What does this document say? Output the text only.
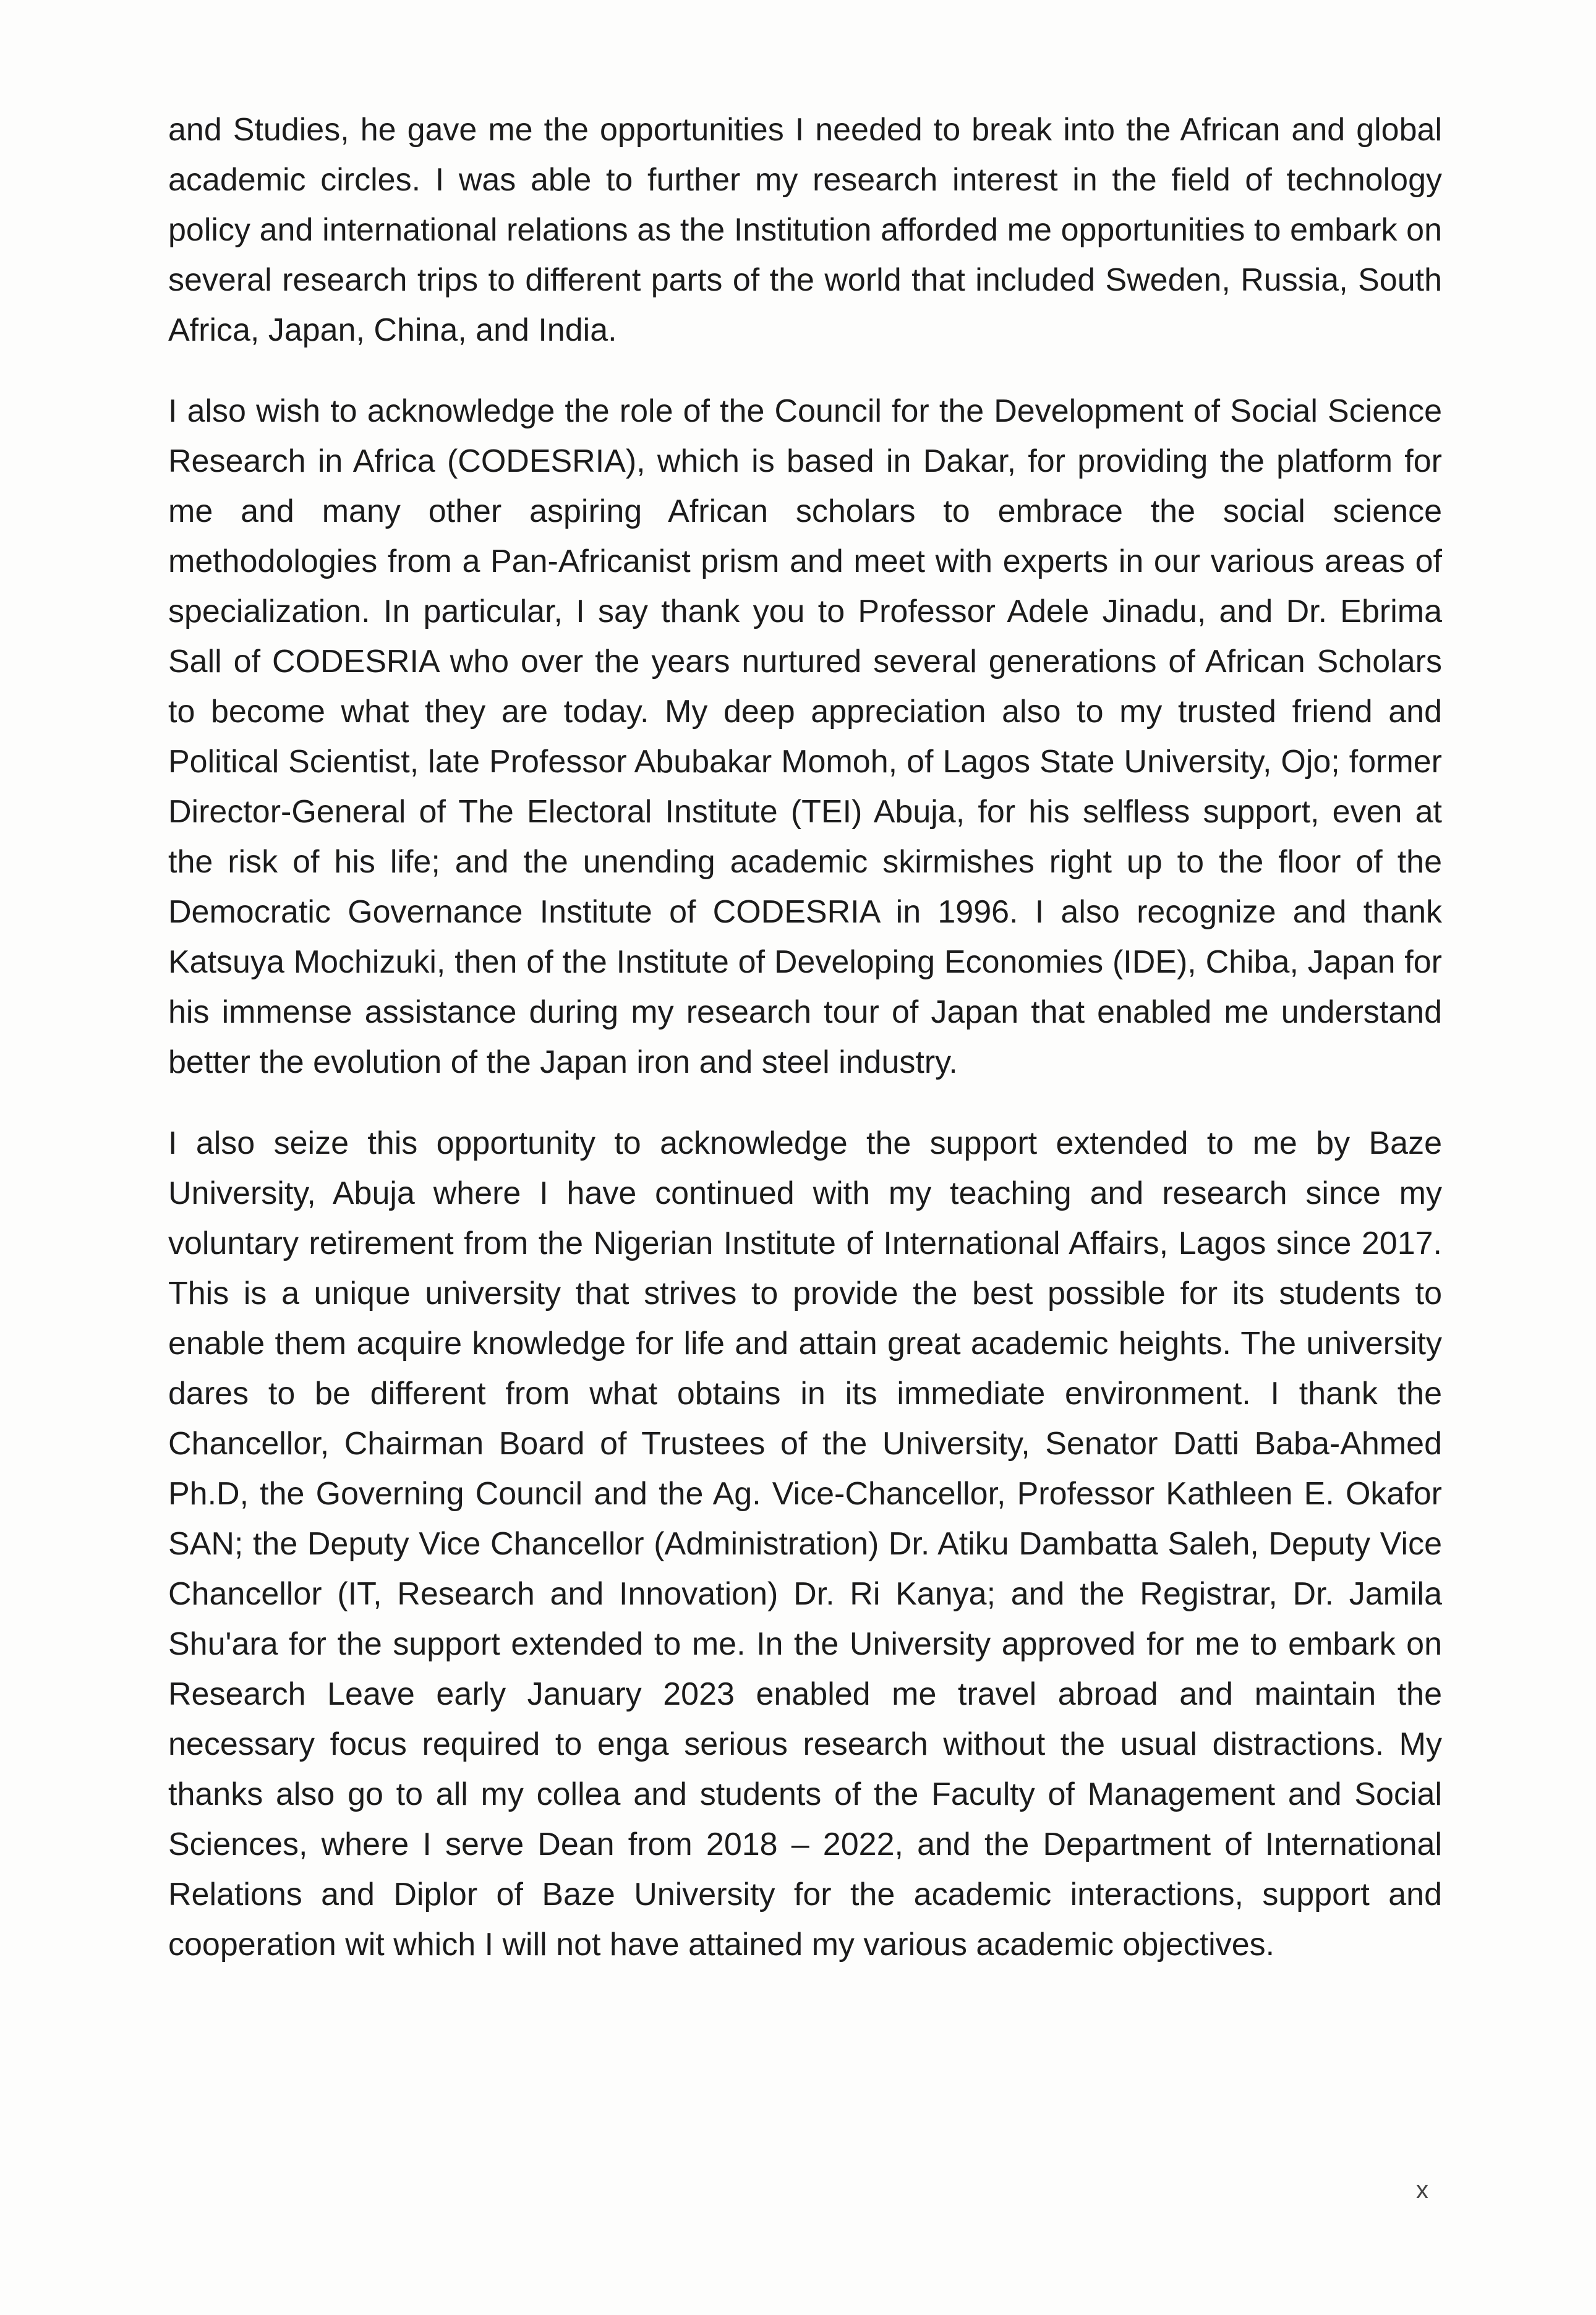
and Studies, he gave me the opportunities I needed to break into the African and global academic circles. I was able to further my research interest in the field of technology policy and international relations as the Institution afforded me opportunities to embark on several research trips to different parts of the world that included Sweden, Russia, South Africa, Japan, China, and India.

I also wish to acknowledge the role of the Council for the Development of Social Science Research in Africa (CODESRIA), which is based in Dakar, for providing the platform for me and many other aspiring African scholars to embrace the social science methodologies from a Pan-Africanist prism and meet with experts in our various areas of specialization. In particular, I say thank you to Professor Adele Jinadu, and Dr. Ebrima Sall of CODESRIA who over the years nurtured several generations of African Scholars to become what they are today. My deep appreciation also to my trusted friend and Political Scientist, late Professor Abubakar Momoh, of Lagos State University, Ojo; former Director-General of The Electoral Institute (TEI) Abuja, for his selfless support, even at the risk of his life; and the unending academic skirmishes right up to the floor of the Democratic Governance Institute of CODESRIA in 1996. I also recognize and thank Katsuya Mochizuki, then of the Institute of Developing Economies (IDE), Chiba, Japan for his immense assistance during my research tour of Japan that enabled me understand better the evolution of the Japan iron and steel industry.

I also seize this opportunity to acknowledge the support extended to me by Baze University, Abuja where I have continued with my teaching and research since my voluntary retirement from the Nigerian Institute of International Affairs, Lagos since 2017. This is a unique university that strives to provide the best possible for its students to enable them acquire knowledge for life and attain great academic heights. The university dares to be different from what obtains in its immediate environment. I thank the Chancellor, Chairman Board of Trustees of the University, Senator Datti Baba-Ahmed Ph.D, the Governing Council and the Ag. Vice-Chancellor, Professor Kathleen E. Okafor SAN; the Deputy Vice Chancellor (Administration) Dr. Atiku Dambatta Saleh, Deputy Vice Chancellor (IT, Research and Innovation) Dr. Ri Kanya; and the Registrar, Dr. Jamila Shu'ara for the support extended to me. In the University approved for me to embark on Research Leave early January 2023 enabled me travel abroad and maintain the necessary focus required to enga serious research without the usual distractions. My thanks also go to all my collea and students of the Faculty of Management and Social Sciences, where I serve Dean from 2018 – 2022, and the Department of International Relations and Diplor of Baze University for the academic interactions, support and cooperation wit which I will not have attained my various academic objectives.

x
